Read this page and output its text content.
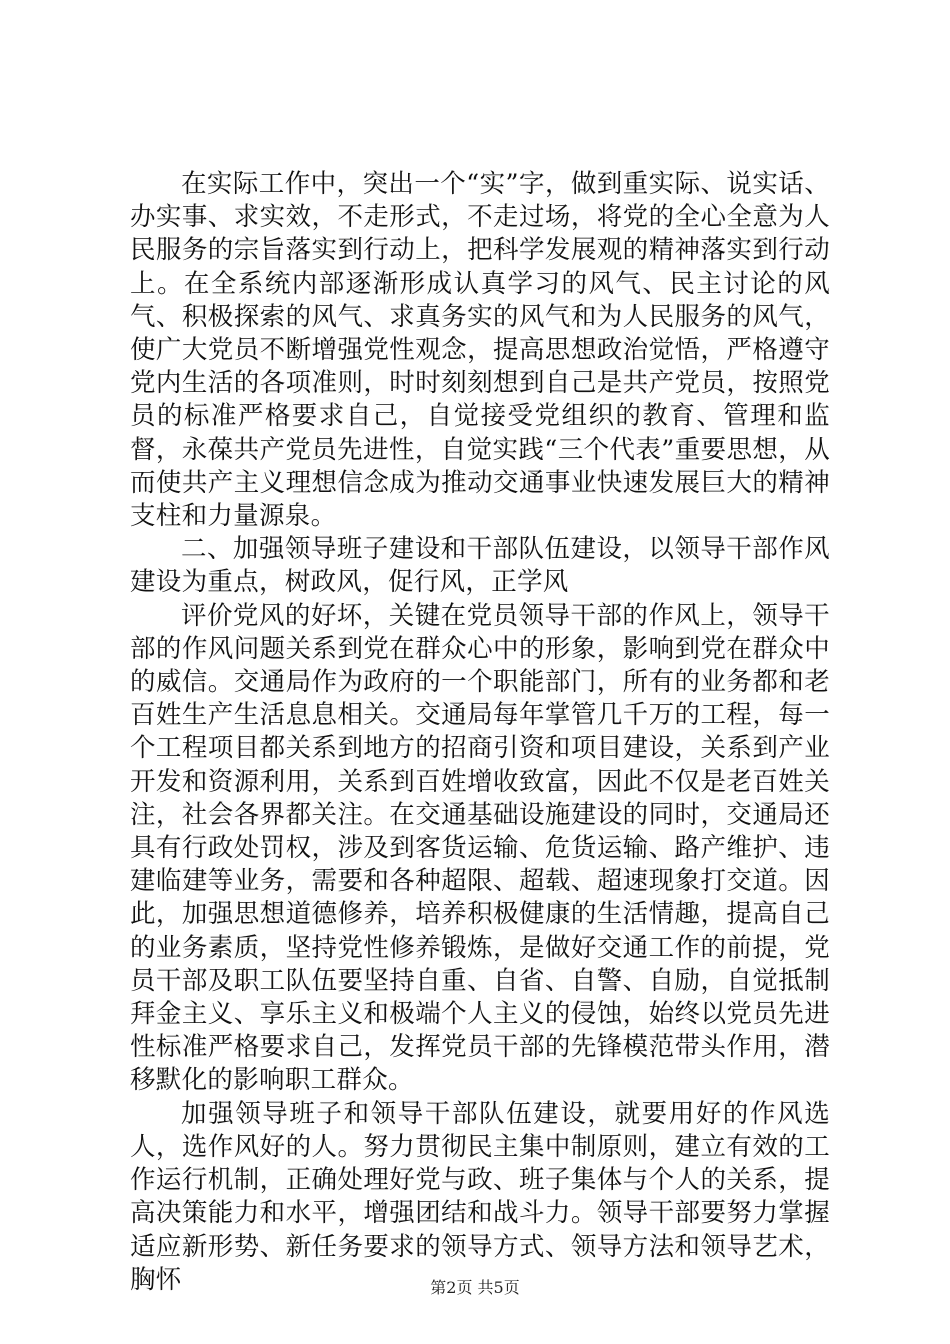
在实际工作中，突出一个“实”字，做到重实际、说实话、办实事、求实效，不走形式，不走过场，将党的全心全意为人民服务的宗旨落实到行动上，把科学发展观的精神落实到行动上。在全系统内部逐渐形成认真学习的风气、民主讨论的风气、积极探索的风气、求真务实的风气和为人民服务的风气，使广大党员不断增强党性观念，提高思想政治觉悟，严格遵守党内生活的各项准则，时时刻刻想到自己是共产党员，按照党员的标准严格要求自己，自觉接受党组织的教育、管理和监督，永葆共产党员先进性，自觉实践“三个代表”重要思想，从而使共产主义理想信念成为推动交通事业快速发展巨大的精神支柱和力量源泉。

二、加强领导班子建设和干部队伍建设，以领导干部作风建设为重点，树政风，促行风，正学风

评价党风的好坏，关键在党员领导干部的作风上，领导干部的作风问题关系到党在群众心中的形象，影响到党在群众中的威信。交通局作为政府的一个职能部门，所有的业务都和老百姓生产生活息息相关。交通局每年掌管几千万的工程，每一个工程项目都关系到地方的招商引资和项目建设，关系到产业开发和资源利用，关系到百姓增收致富，因此不仅是老百姓关注，社会各界都关注。在交通基础设施建设的同时，交通局还具有行政处罚权，涉及到客货运输、危货运输、路产维护、违建临建等业务，需要和各种超限、超载、超速现象打交道。因此，加强思想道德修养，培养积极健康的生活情趣，提高自己的业务素质，坚持党性修养锻炼，是做好交通工作的前提，党员干部及职工队伍要坚持自重、自省、自警、自励，自觉抵制拜金主义、享乐主义和极端个人主义的侵蚀，始终以党员先进性标准严格要求自己，发挥党员干部的先锋模范带头作用，潜移默化的影响职工群众。

加强领导班子和领导干部队伍建设，就要用好的作风选人，选作风好的人。努力贯彻民主集中制原则，建立有效的工作运行机制，正确处理好党与政、班子集体与个人的关系，提高决策能力和水平，增强团结和战斗力。领导干部要努力掌握适应新形势、新任务要求的领导方式、领导方法和领导艺术，胸怀	第2页 共5页
